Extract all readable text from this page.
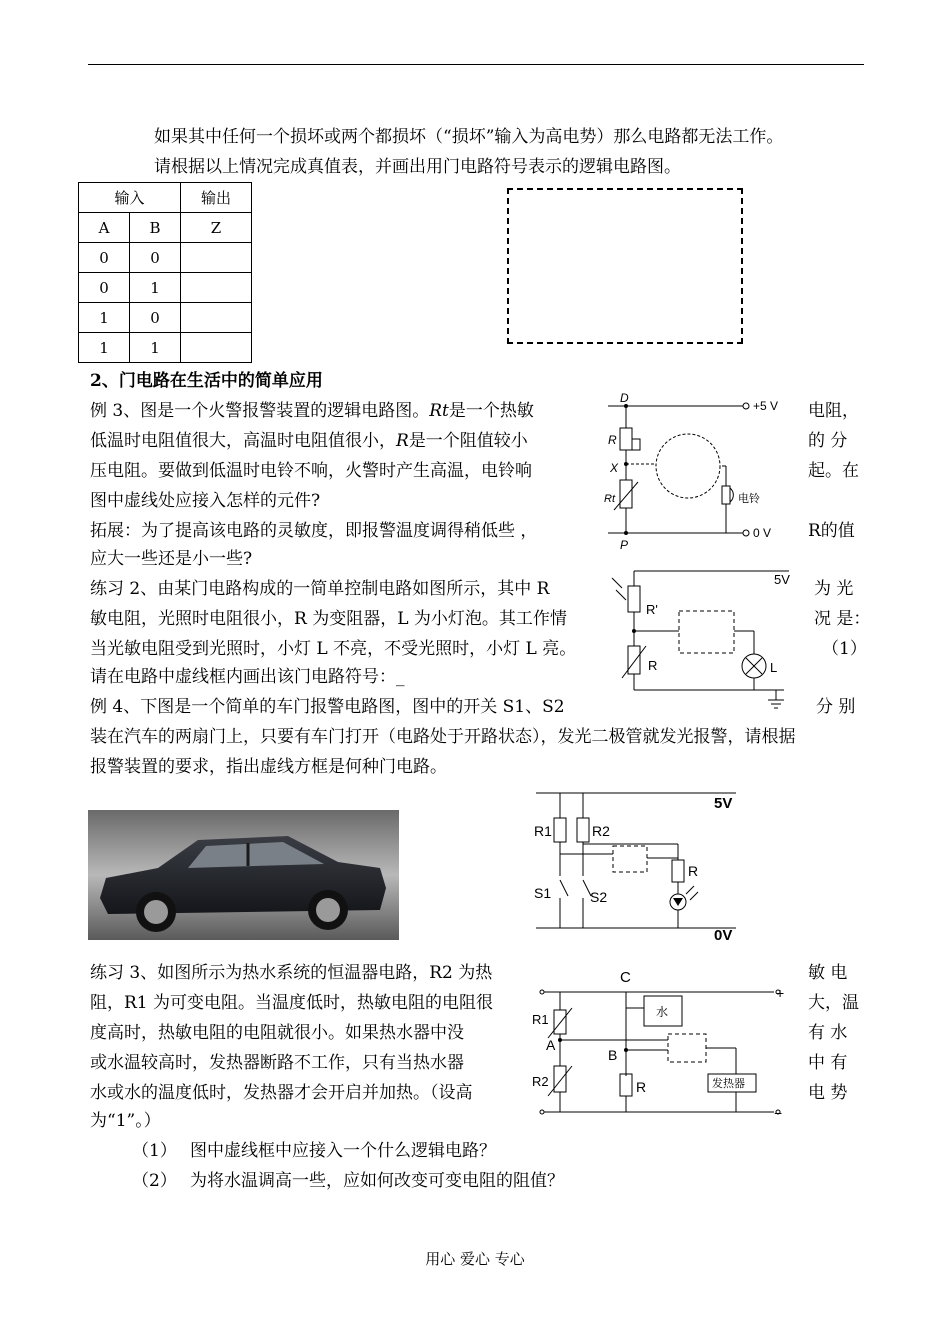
如果其中任何一个损坏或两个都损坏（“损坏”输入为高电势）那么电路都无法工作。
请根据以上情况完成真值表，并画出用门电路符号表示的逻辑电路图。
输入		输出
A	B	Z
0	0	
0	1	
1	0	
1	1	
2、门电路在生活中的简单应用
例 3、图是一个火警报警装置的逻辑电路图。Rt是一个热敏	电阻，
低温时电阻值很大，高温时电阻值很小，R是一个阻值较小	的 分
压电阻。要做到低温时电铃不响，火警时产生高温，电铃响	起。在
图中虚线处应接入怎样的元件?
拓展：为了提高该电路的灵敏度，即报警温度调得稍低些 ，	R的值
应大一些还是小一些?
D
+5 V
R
X
Rt	电铃
0 V
P
练习 2、由某门电路构成的一简单控制电路如图所示，其中 R	为 光
敏电阻，光照时电阻很小，R 为变阻器，L 为小灯泡。其工作情	况 是：
当光敏电阻受到光照时，小灯 L 不亮，不受光照时，小灯 L 亮。	（1）
请在电路中虚线框内画出该门电路符号：_
5V
R'
R	L
例 4、下图是一个简单的车门报警电路图，图中的开关 S1、S2	分 别
装在汽车的两扇门上，只要有车门打开（电路处于开路状态），发光二极管就发光报警，请根据
报警装置的要求，指出虚线方框是何种门电路。
5V
R1	R2
R
S1	S2
0V
练习 3、如图所示为热水系统的恒温器电路，R2 为热	敏 电
阻，R1 为可变电阻。当温度低时，热敏电阻的电阻很	大，温
度高时，热敏电阻的电阻就很小。如果热水器中没	有 水
或水温较高时，发热器断路不工作，只有当热水器	中 有
水或水的温度低时，发热器才会开启并加热。（设高	电 势
为“1”。）
（1） 图中虚线框中应接入一个什么逻辑电路？
（2） 为将水温调高一些，应如何改变可变电阻的阻值？
C
+
R1	水
A
B
R	发热器
R2
−
用心 爱心 专心
